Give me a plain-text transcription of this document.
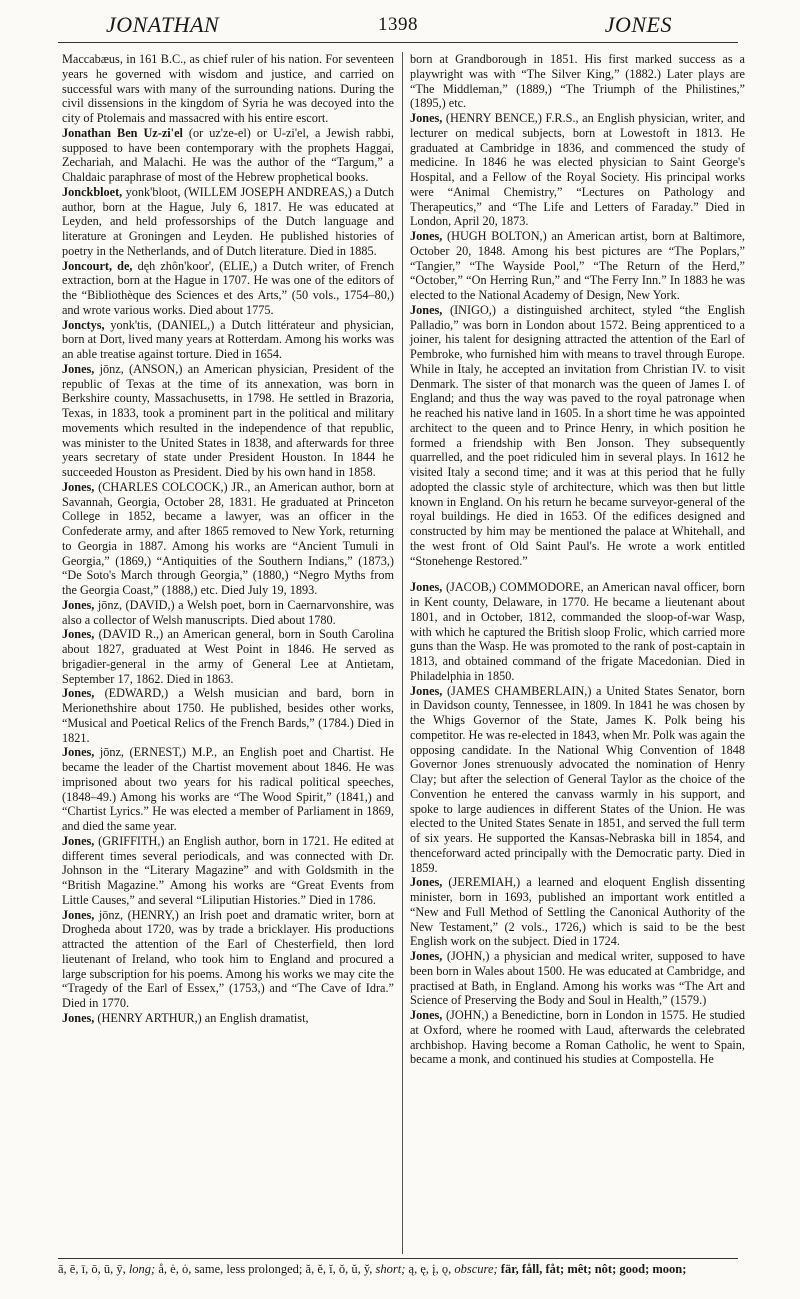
JONATHAN	1398	JONES

Maccabæus, in 161 B.C., as chief ruler of his nation. For seventeen years he governed with wisdom and justice, and carried on successful wars with many of the surrounding nations. During the civil dissensions in the kingdom of Syria he was decoyed into the city of Ptolemais and massacred with his entire escort.

Jonathan Ben Uz-zi'el (or uz'ze-el) or U-zi'el, a Jewish rabbi, supposed to have been contemporary with the prophets Haggai, Zechariah, and Malachi. He was the author of the “Targum,” a Chaldaic paraphrase of most of the Hebrew prophetical books.

Jonckbloet, yonk'bloot, (WILLEM JOSEPH ANDREAS,) a Dutch author, born at the Hague, July 6, 1817. He was educated at Leyden, and held professorships of the Dutch language and literature at Groningen and Leyden. He published histories of poetry in the Netherlands, and of Dutch literature. Died in 1885.

Joncourt, de, dęh zhôn'koor', (ELIE,) a Dutch writer, of French extraction, born at the Hague in 1707. He was one of the editors of the “Bibliothèque des Sciences et des Arts,” (50 vols., 1754–80,) and wrote various works. Died about 1775.

Jonctys, yonk'tis, (DANIEL,) a Dutch littérateur and physician, born at Dort, lived many years at Rotterdam. Among his works was an able treatise against torture. Died in 1654.

Jones, jōnz, (ANSON,) an American physician, President of the republic of Texas at the time of its annexation, was born in Berkshire county, Massachusetts, in 1798. He settled in Brazoria, Texas, in 1833, took a prominent part in the political and military movements which resulted in the independence of that republic, was minister to the United States in 1838, and afterwards for three years secretary of state under President Houston. In 1844 he succeeded Houston as President. Died by his own hand in 1858.

Jones, (CHARLES COLCOCK,) JR., an American author, born at Savannah, Georgia, October 28, 1831. He graduated at Princeton College in 1852, became a lawyer, was an officer in the Confederate army, and after 1865 removed to New York, returning to Georgia in 1887. Among his works are “Ancient Tumuli in Georgia,” (1869,) “Antiquities of the Southern Indians,” (1873,) “De Soto's March through Georgia,” (1880,) “Negro Myths from the Georgia Coast,” (1888,) etc. Died July 19, 1893.

Jones, jōnz, (DAVID,) a Welsh poet, born in Caernarvonshire, was also a collector of Welsh manuscripts. Died about 1780.

Jones, (DAVID R.,) an American general, born in South Carolina about 1827, graduated at West Point in 1846. He served as brigadier-general in the army of General Lee at Antietam, September 17, 1862. Died in 1863.

Jones, (EDWARD,) a Welsh musician and bard, born in Merionethshire about 1750. He published, besides other works, “Musical and Poetical Relics of the French Bards,” (1784.) Died in 1821.

Jones, jōnz, (ERNEST,) M.P., an English poet and Chartist. He became the leader of the Chartist movement about 1846. He was imprisoned about two years for his radical political speeches, (1848–49.) Among his works are “The Wood Spirit,” (1841,) and “Chartist Lyrics.” He was elected a member of Parliament in 1869, and died the same year.

Jones, (GRIFFITH,) an English author, born in 1721. He edited at different times several periodicals, and was connected with Dr. Johnson in the “Literary Magazine” and with Goldsmith in the “British Magazine.” Among his works are “Great Events from Little Causes,” and several “Liliputian Histories.” Died in 1786.

Jones, jōnz, (HENRY,) an Irish poet and dramatic writer, born at Drogheda about 1720, was by trade a bricklayer. His productions attracted the attention of the Earl of Chesterfield, then lord lieutenant of Ireland, who took him to England and procured a large subscription for his poems. Among his works we may cite the “Tragedy of the Earl of Essex,” (1753,) and “The Cave of Idra.” Died in 1770.

Jones, (HENRY ARTHUR,) an English dramatist,

born at Grandborough in 1851. His first marked success as a playwright was with “The Silver King,” (1882.) Later plays are “The Middleman,” (1889,) “The Triumph of the Philistines,” (1895,) etc.

Jones, (HENRY BENCE,) F.R.S., an English physician, writer, and lecturer on medical subjects, born at Lowestoft in 1813. He graduated at Cambridge in 1836, and commenced the study of medicine. In 1846 he was elected physician to Saint George's Hospital, and a Fellow of the Royal Society. His principal works were “Animal Chemistry,” “Lectures on Pathology and Therapeutics,” and “The Life and Letters of Faraday.” Died in London, April 20, 1873.

Jones, (HUGH BOLTON,) an American artist, born at Baltimore, October 20, 1848. Among his best pictures are “The Poplars,” “Tangier,” “The Wayside Pool,” “The Return of the Herd,” “October,” “On Herring Run,” and “The Ferry Inn.” In 1883 he was elected to the National Academy of Design, New York.

Jones, (INIGO,) a distinguished architect, styled “the English Palladio,” was born in London about 1572. Being apprenticed to a joiner, his talent for designing attracted the attention of the Earl of Pembroke, who furnished him with means to travel through Europe. While in Italy, he accepted an invitation from Christian IV. to visit Denmark. The sister of that monarch was the queen of James I. of England; and thus the way was paved to the royal patronage when he reached his native land in 1605. In a short time he was appointed architect to the queen and to Prince Henry, in which position he formed a friendship with Ben Jonson. They subsequently quarrelled, and the poet ridiculed him in several plays. In 1612 he visited Italy a second time; and it was at this period that he fully adopted the classic style of architecture, which was then but little known in England. On his return he became surveyor-general of the royal buildings. He died in 1653. Of the edifices designed and constructed by him may be mentioned the palace at Whitehall, and the west front of Old Saint Paul's. He wrote a work entitled “Stonehenge Restored.”

Jones, (JACOB,) COMMODORE, an American naval officer, born in Kent county, Delaware, in 1770. He became a lieutenant about 1801, and in October, 1812, commanded the sloop-of-war Wasp, with which he captured the British sloop Frolic, which carried more guns than the Wasp. He was promoted to the rank of post-captain in 1813, and obtained command of the frigate Macedonian. Died in Philadelphia in 1850.

Jones, (JAMES CHAMBERLAIN,) a United States Senator, born in Davidson county, Tennessee, in 1809. In 1841 he was chosen by the Whigs Governor of the State, James K. Polk being his competitor. He was re-elected in 1843, when Mr. Polk was again the opposing candidate. In the National Whig Convention of 1848 Governor Jones strenuously advocated the nomination of Henry Clay; but after the selection of General Taylor as the choice of the Convention he entered the canvass warmly in his support, and spoke to large audiences in different States of the Union. He was elected to the United States Senate in 1851, and served the full term of six years. He supported the Kansas-Nebraska bill in 1854, and thenceforward acted principally with the Democratic party. Died in 1859.

Jones, (JEREMIAH,) a learned and eloquent English dissenting minister, born in 1693, published an important work entitled a “New and Full Method of Settling the Canonical Authority of the New Testament,” (2 vols., 1726,) which is said to be the best English work on the subject. Died in 1724.

Jones, (JOHN,) a physician and medical writer, supposed to have been born in Wales about 1500. He was educated at Cambridge, and practised at Bath, in England. Among his works was “The Art and Science of Preserving the Body and Soul in Health,” (1579.)

Jones, (JOHN,) a Benedictine, born in London in 1575. He studied at Oxford, where he roomed with Laud, afterwards the celebrated archbishop. Having become a Roman Catholic, he went to Spain, became a monk, and continued his studies at Compostella. He

ā, ē, ī, ō, ū, ȳ, long; å, ė, ȯ, same, less prolonged; ă, ĕ, ĭ, ŏ, ŭ, y̆, short; ą, ę, į, ǫ, obscure; fär, fåll, fåt; mêt; nôt; good; moon;
